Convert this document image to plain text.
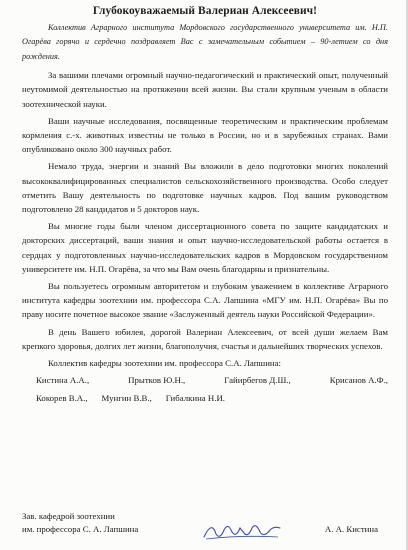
Глубокоуважаемый Валериан Алексеевич!

Коллектив Аграрного института Мордовского государственного университета им. Н.П. Огарёва горячо и сердечно поздравляет Вас с замечательным событием – 90-летием со дня рождения.

За вашими плечами огромный научно-педагогический и практический опыт, полученный неутомимой деятельностью на протяжении всей жизни. Вы стали крупным ученым в области зоотехнической науки.

Ваши научные исследования, посвященные теоретическим и практическим проблемам кормления с.-х. животных известны не только в России, но и в зарубежных странах. Вами опубликовано около 300 научных работ.

Немало труда, энергии и знаний Вы вложили в дело подготовки многих поколений высококвалифицированных специалистов сельскохозяйственного производства. Особо следует отметить Вашу деятельность по подготовке научных кадров. Под вашим руководством подготовлено 28 кандидатов и 5 докторов наук.

Вы многие годы были членом диссертационного совета по защите кандидатских и докторских диссертаций, ваши знания и опыт научно-исследовательской работы остается в сердцах у подготовленных научно-исследовательских кадров в Мордовском государственном университете им. Н.П. Огарёва, за что мы Вам очень благодарны и признательны.

Вы пользуетесь огромным авторитетом и глубоким уважением в коллективе Аграрного института кафедры зоотехнии им. профессора С.А. Лапшина «МГУ им. Н.П. Огарёва» Вы по праву носите почетное высокое звание «Заслуженный деятель науки Российской Федерации».

В день Вашего юбилея, дорогой Валериан Алексеевич, от всей души желаем Вам крепкого здоровья, долгих лет жизни, благополучия, счастья и дальнейших творческих успехов.

Коллектив кафедры зоотехнии им. профессора С.А. Лапшина:
Кистина А.А.,	Прытков Ю.Н.,	Гайирбегов Д.Ш.,	Крисанов А.Ф.,
Кокорев В.А., Мунгин В.В., Гибалкина Н.И.
Зав. кафедрой зоотехнии
им. профессора С. А. Лапшина	А. А. Кистина
